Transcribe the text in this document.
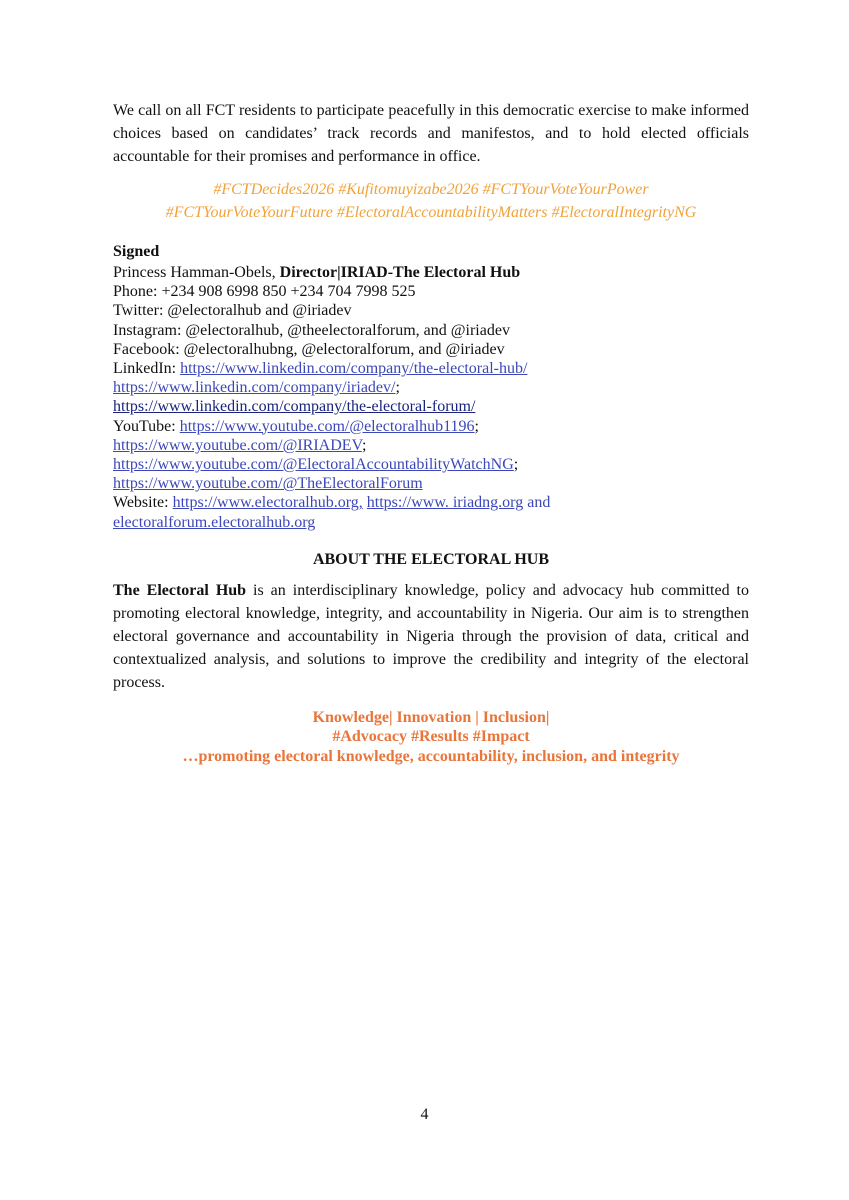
We call on all FCT residents to participate peacefully in this democratic exercise to make informed choices based on candidates’ track records and manifestos, and to hold elected officials accountable for their promises and performance in office.

#FCTDecides2026 #Kufitomuyizabe2026 #FCTYourVoteYourPower
#FCTYourVoteYourFuture #ElectoralAccountabilityMatters #ElectoralIntegrityNG

Signed

Princess Hamman-Obels, Director|IRIAD-The Electoral Hub
Phone: +234 908 6998 850 +234 704 7998 525
Twitter: @electoralhub and @iriadev
Instagram: @electoralhub, @theelectoralforum, and @iriadev
Facebook: @electoralhubng, @electoralforum, and @iriadev
LinkedIn: https://www.linkedin.com/company/the-electoral-hub/
https://www.linkedin.com/company/iriadev/;
https://www.linkedin.com/company/the-electoral-forum/
YouTube: https://www.youtube.com/@electoralhub1196;
https://www.youtube.com/@IRIADEV;
https://www.youtube.com/@ElectoralAccountabilityWatchNG;
https://www.youtube.com/@TheElectoralForum
Website: https://www.electoralhub.org, https://www. iriadng.org and
electoralforum.electoralhub.org

ABOUT THE ELECTORAL HUB

The Electoral Hub is an interdisciplinary knowledge, policy and advocacy hub committed to promoting electoral knowledge, integrity, and accountability in Nigeria. Our aim is to strengthen electoral governance and accountability in Nigeria through the provision of data, critical and contextualized analysis, and solutions to improve the credibility and integrity of the electoral process.

Knowledge| Innovation | Inclusion|
#Advocacy #Results #Impact
…promoting electoral knowledge, accountability, inclusion, and integrity
4
